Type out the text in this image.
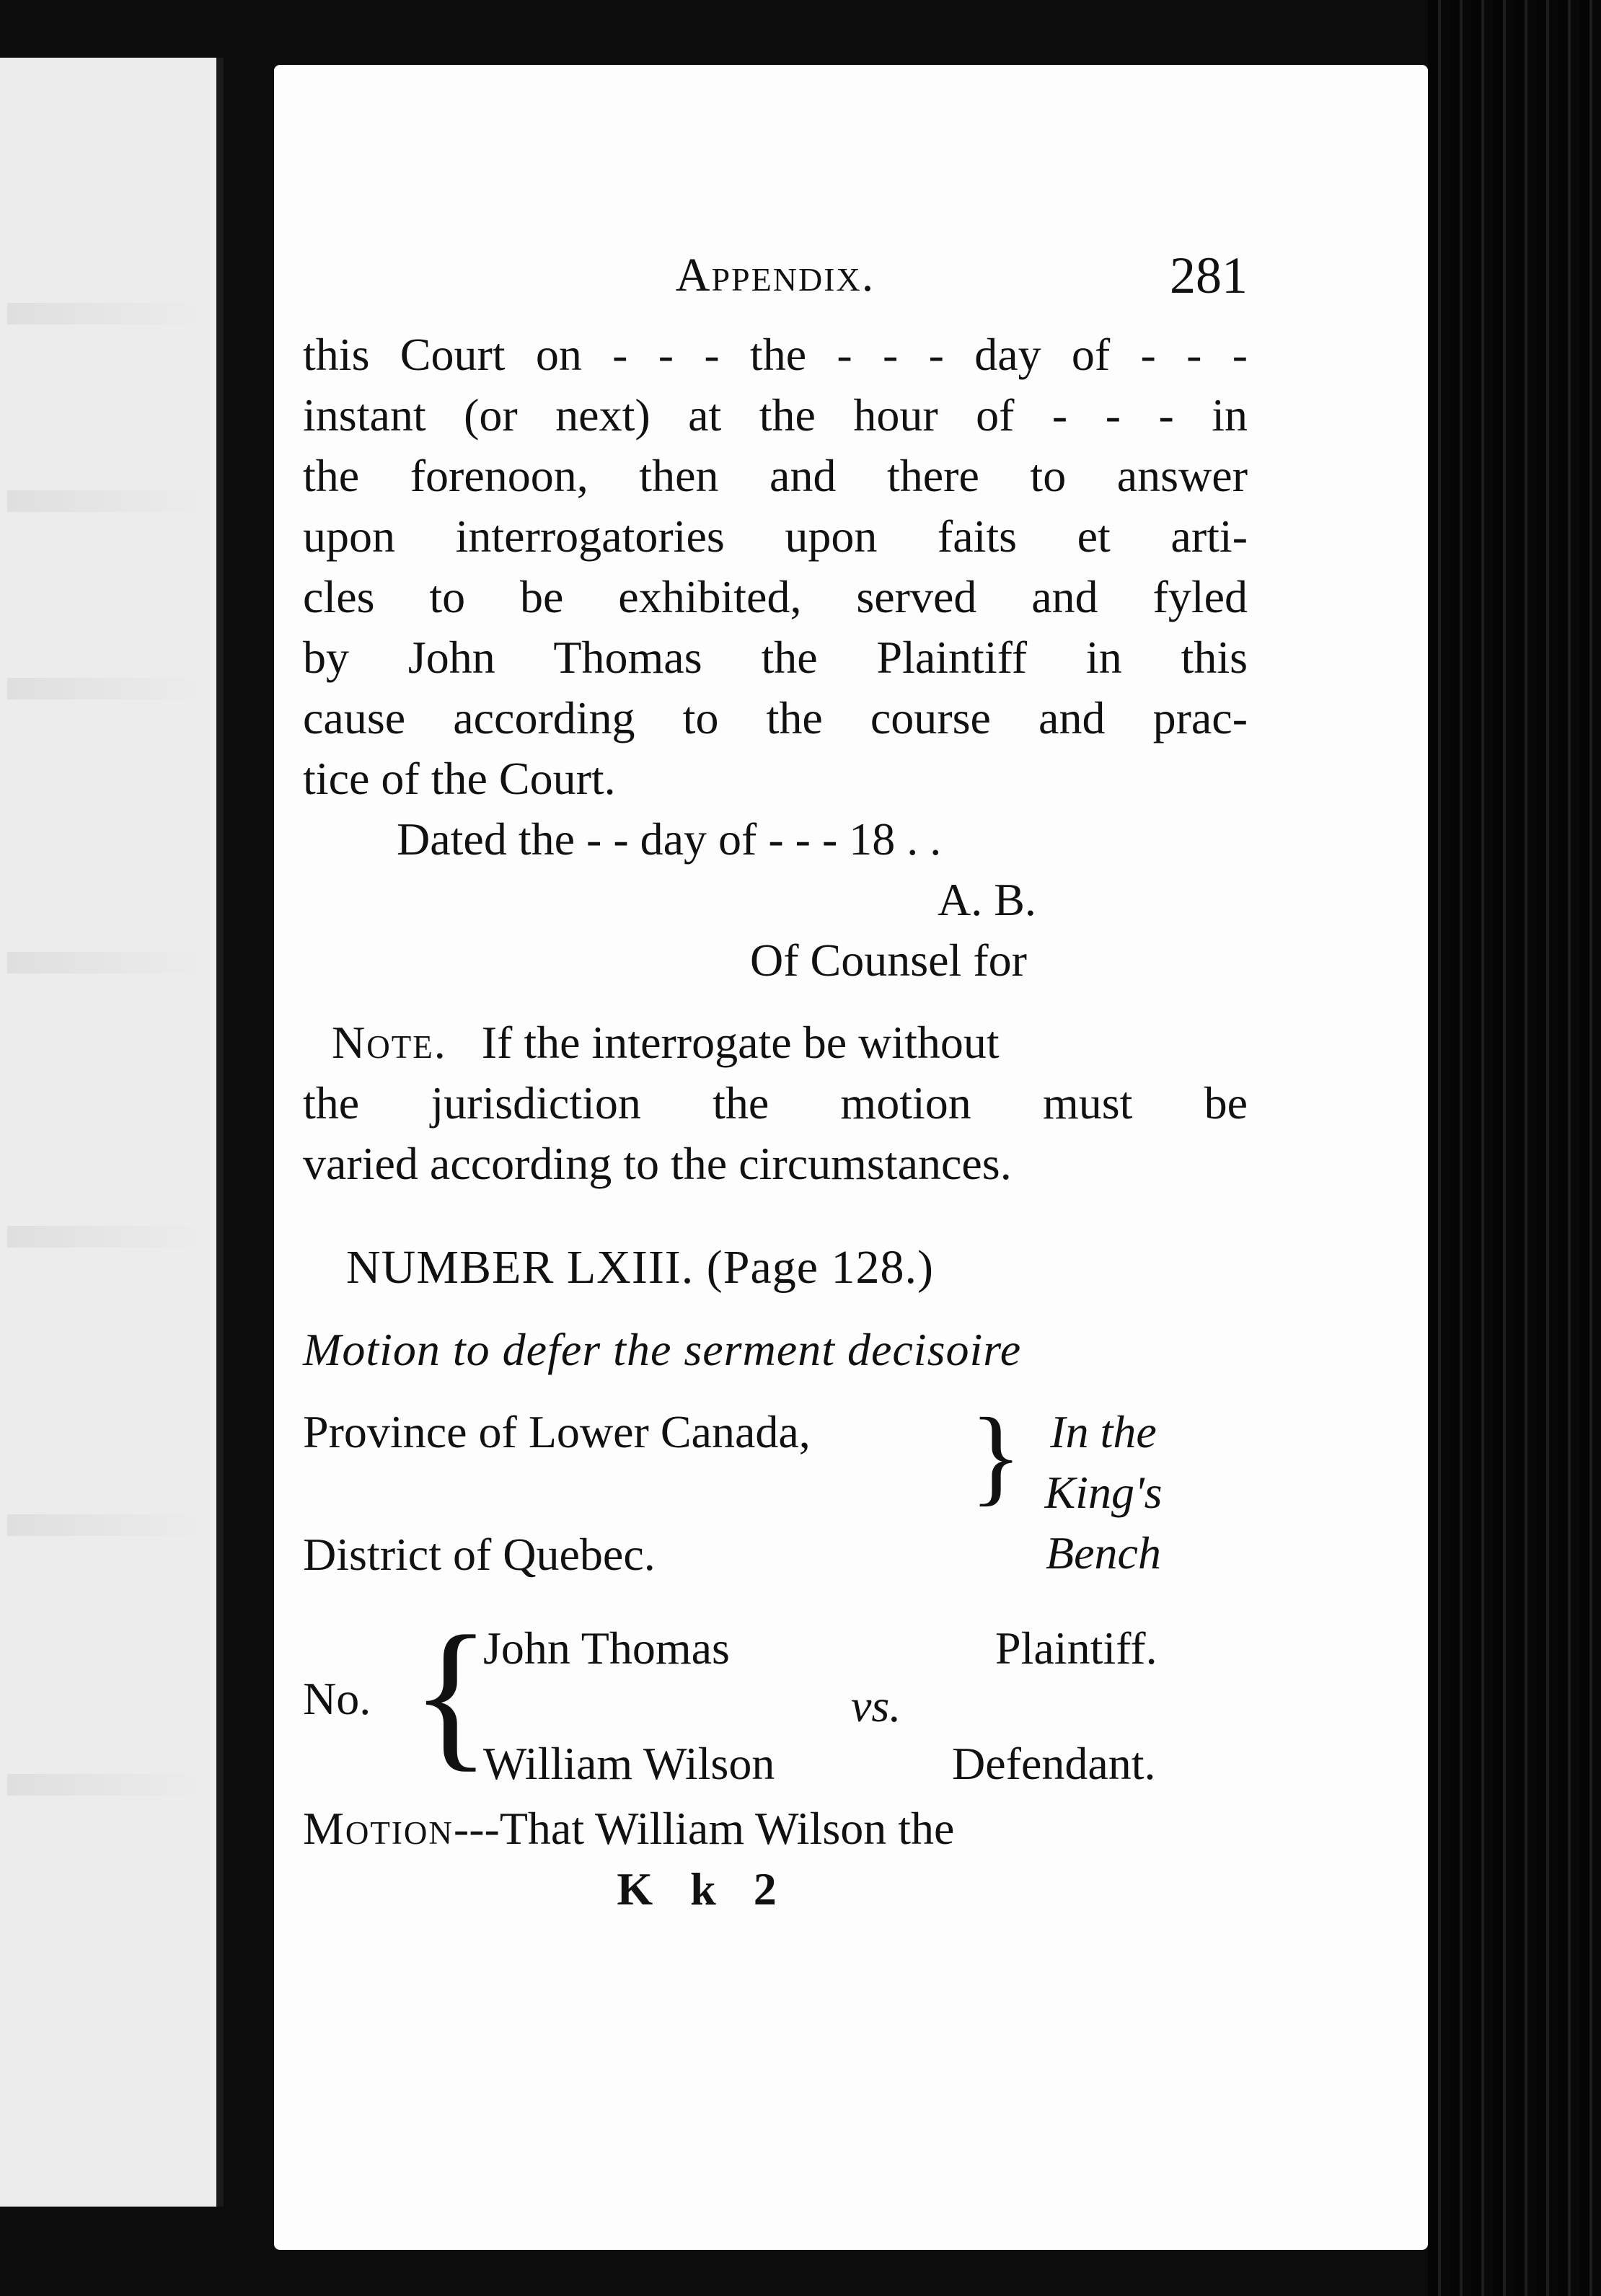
Appendix.	281
this Court on - - - the - - - day of - - -
instant (or next) at the hour of - - - in
the forenoon, then and there to answer
upon interrogatories upon faits et arti-
cles to be exhibited, served and fyled
by John Thomas the Plaintiff in this
cause according to the course and prac-
tice of the Court.
Dated the - - day of - - - 18 . .
A. B.
Of Counsel for
Note. If the interrogate be without
the jurisdiction the motion must be
varied according to the circumstances.
NUMBER LXIII. (Page 128.)
Motion to defer the serment decisoire
Province of Lower Canada,
District of Quebec.
} In the
King's
Bench
No. {
John Thomas	Plaintiff.
vs.
William Wilson	Defendant.
Motion---That William Wilson the
K k 2
